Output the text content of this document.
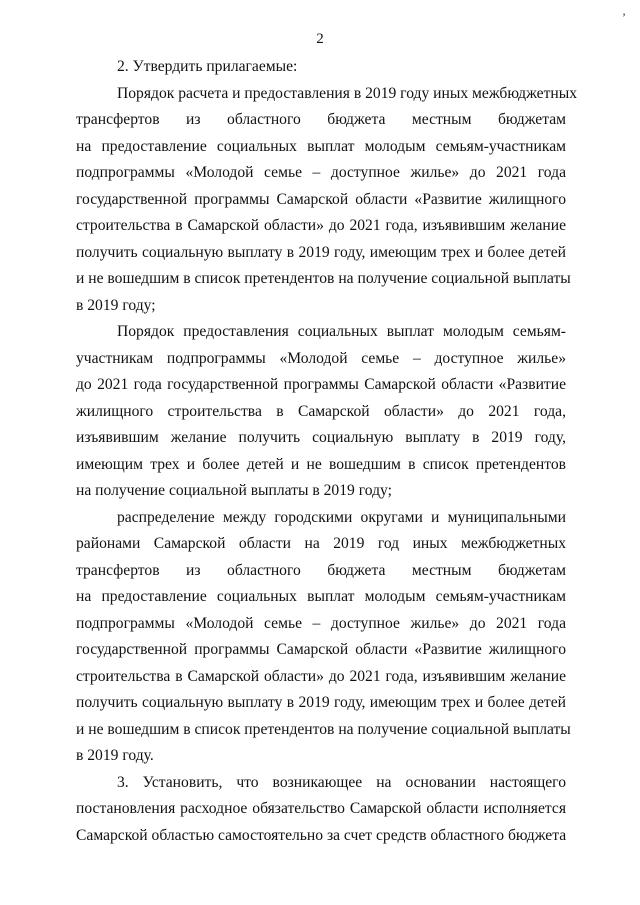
’
2
2. Утвердить прилагаемые:
Порядок расчета и предоставления в 2019 году иных межбюджетных
трансфертов из областного бюджета местным бюджетам
на предоставление социальных выплат молодым семьям-участникам
подпрограммы «Молодой семье – доступное жилье» до 2021 года
государственной программы Самарской области «Развитие жилищного
строительства в Самарской области» до 2021 года, изъявившим желание
получить социальную выплату в 2019 году, имеющим трех и более детей
и не вошедшим в список претендентов на получение социальной выплаты
в 2019 году;
Порядок предоставления социальных выплат молодым семьям-
участникам подпрограммы «Молодой семье – доступное жилье»
до 2021 года государственной программы Самарской области «Развитие
жилищного строительства в Самарской области» до 2021 года,
изъявившим желание получить социальную выплату в 2019 году,
имеющим трех и более детей и не вошедшим в список претендентов
на получение социальной выплаты в 2019 году;
распределение между городскими округами и муниципальными
районами Самарской области на 2019 год иных межбюджетных
трансфертов из областного бюджета местным бюджетам
на предоставление социальных выплат молодым семьям-участникам
подпрограммы «Молодой семье – доступное жилье» до 2021 года
государственной программы Самарской области «Развитие жилищного
строительства в Самарской области» до 2021 года, изъявившим желание
получить социальную выплату в 2019 году, имеющим трех и более детей
и не вошедшим в список претендентов на получение социальной выплаты
в 2019 году.
3. Установить, что возникающее на основании настоящего
постановления расходное обязательство Самарской области исполняется
Самарской областью самостоятельно за счет средств областного бюджета
